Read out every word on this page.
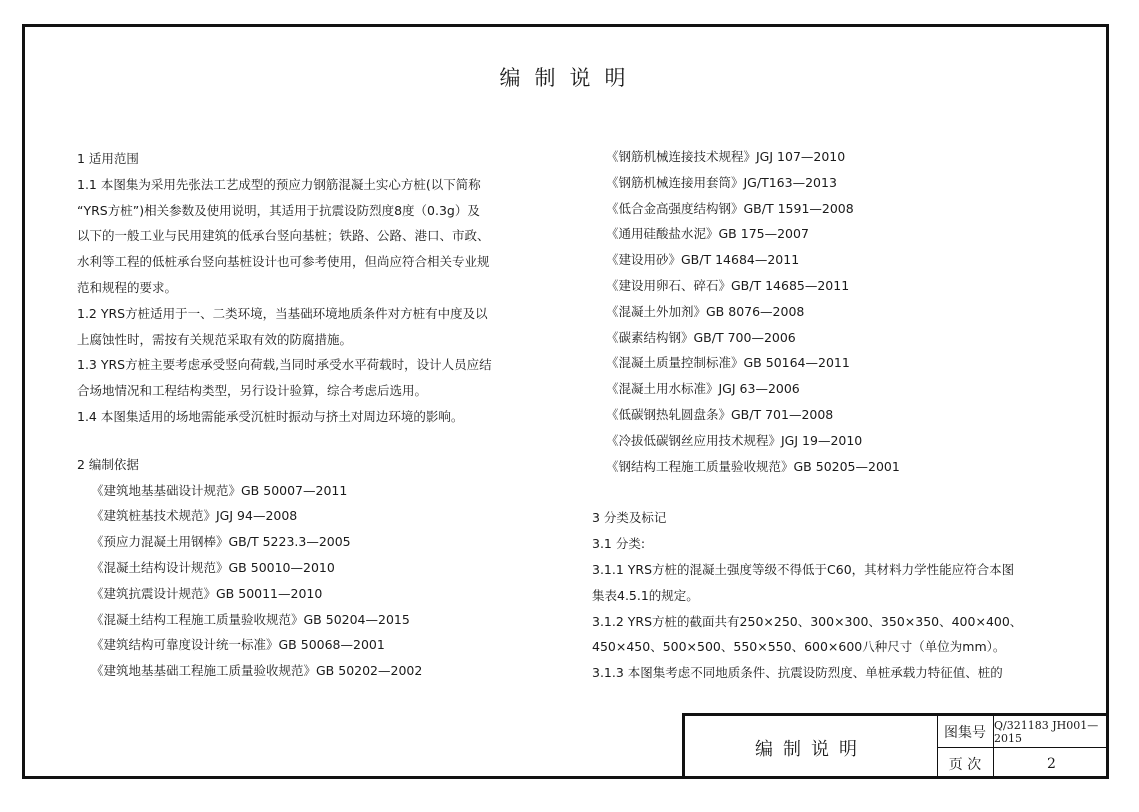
编制说明
1 适用范围
1.1 本图集为采用先张法工艺成型的预应力钢筋混凝土实心方桩(以下简称
“YRS方桩”)相关参数及使用说明，其适用于抗震设防烈度8度（0.3g）及
以下的一般工业与民用建筑的低承台竖向基桩；铁路、公路、港口、市政、
水利等工程的低桩承台竖向基桩设计也可参考使用，但尚应符合相关专业规
范和规程的要求。
1.2 YRS方桩适用于一、二类环境，当基础环境地质条件对方桩有中度及以
上腐蚀性时，需按有关规范采取有效的防腐措施。
1.3 YRS方桩主要考虑承受竖向荷载,当同时承受水平荷载时，设计人员应结
合场地情况和工程结构类型，另行设计验算，综合考虑后选用。
1.4 本图集适用的场地需能承受沉桩时振动与挤土对周边环境的影响。
2 编制依据
《建筑地基基础设计规范》GB 50007—2011
《建筑桩基技术规范》JGJ 94—2008
《预应力混凝土用钢棒》GB/T 5223.3—2005
《混凝土结构设计规范》GB 50010—2010
《建筑抗震设计规范》GB 50011—2010
《混凝土结构工程施工质量验收规范》GB 50204—2015
《建筑结构可靠度设计统一标准》GB 50068—2001
《建筑地基基础工程施工质量验收规范》GB 50202—2002
《钢筋机械连接技术规程》JGJ 107—2010
《钢筋机械连接用套筒》JG/T163—2013
《低合金高强度结构钢》GB/T 1591—2008
《通用硅酸盐水泥》GB 175—2007
《建设用砂》GB/T 14684—2011
《建设用卵石、碎石》GB/T 14685—2011
《混凝土外加剂》GB 8076—2008
《碳素结构钢》GB/T 700—2006
《混凝土质量控制标准》GB 50164—2011
《混凝土用水标准》JGJ 63—2006
《低碳钢热轧圆盘条》GB/T 701—2008
《冷拔低碳钢丝应用技术规程》JGJ 19—2010
《钢结构工程施工质量验收规范》GB 50205—2001
3 分类及标记
3.1 分类:
3.1.1 YRS方桩的混凝土强度等级不得低于C60，其材料力学性能应符合本图
集表4.5.1的规定。
3.1.2 YRS方桩的截面共有250×250、300×300、350×350、400×400、
450×450、500×500、550×550、600×600八种尺寸（单位为mm）。
3.1.3 本图集考虑不同地质条件、抗震设防烈度、单桩承载力特征值、桩的
编制说明
图集号 Q/321183 JH001—2015
页 次	2
